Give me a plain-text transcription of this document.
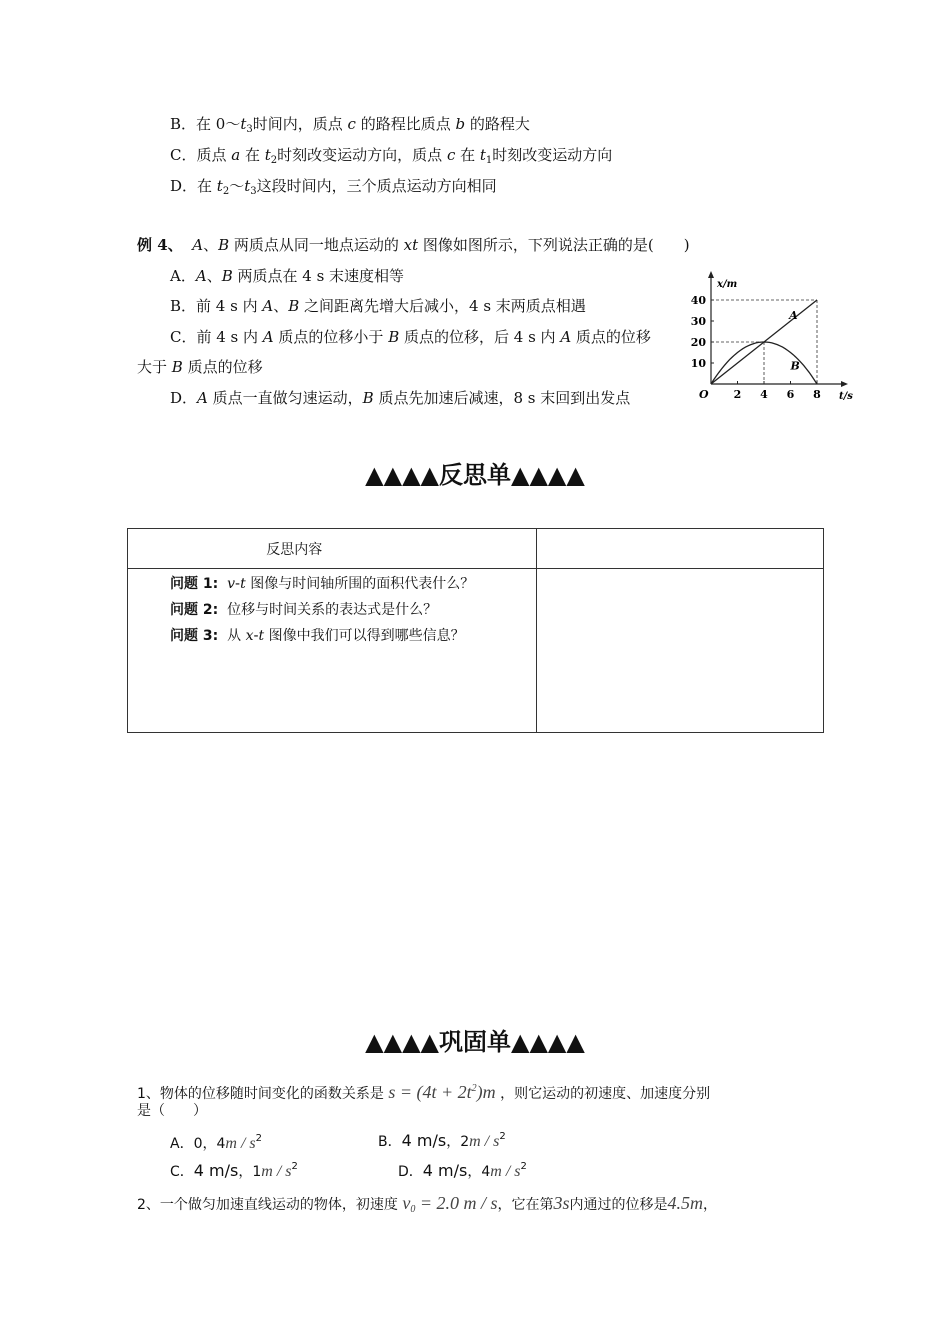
B．在 $0\sim t_3$时间内，质点 c 的路程比质点 b 的路程大
C．质点 a 在 $t_2$时刻改变运动方向，质点 c 在 $t_1$时刻改变运动方向
D．在 $t_2\sim t_3$这段时间内，三个质点运动方向相同
例 4、 A、B 两质点从同一地点运动的 xt 图像如图所示，下列说法正确的是(　　)
A．A、B 两质点在 4 s 末速度相等
B．前 4 s 内 A、B 之间距离先增大后减小，4 s 末两质点相遇
C．前 4 s 内 A 质点的位移小于 B 质点的位移，后 4 s 内 A 质点的位移
大于 B 质点的位移
D．A 质点一直做匀速运动，B 质点先加速后减速，8 s 末回到出发点
x/m
t/s
O 2 4 6 8
10
20
30
40
A
B
▲▲▲▲反思单▲▲▲▲
反思内容	

问题 1: v-t 图像与时间轴所围的面积代表什么？
问题 2: 位移与时间关系的表达式是什么？
问题 3: 从 x-t 图像中我们可以得到哪些信息？	

▲▲▲▲巩固单▲▲▲▲
1、物体的位移随时间变化的函数关系是 $s = (4t + 2t^2)m$ ，则它运动的初速度、加速度分别
是（　　）
A．0，$4m / s^2$	B．4 m/s，$2m / s^2$
C．4 m/s，$1m / s^2$	D．4 m/s，$4m / s^2$
2、一个做匀加速直线运动的物体，初速度 $v_0 = 2.0$ m / s，它在第3s内通过的位移是4.5m，
